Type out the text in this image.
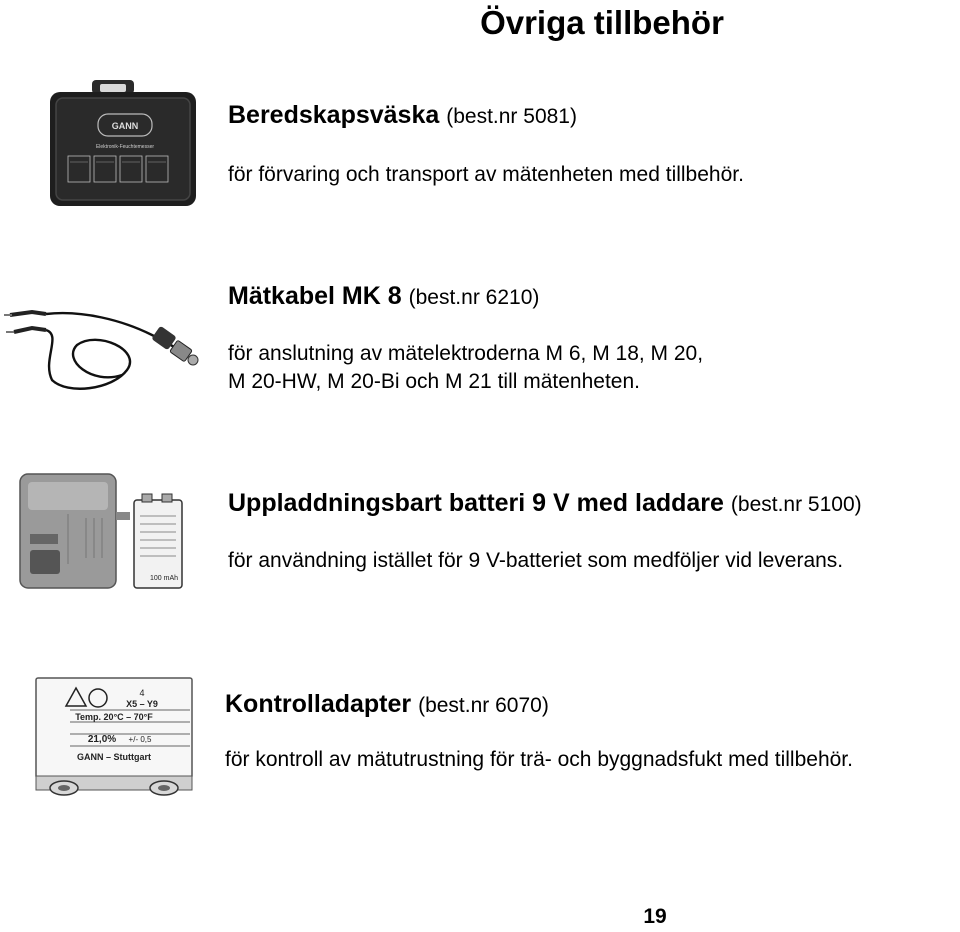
Övriga tillbehör
GANN
Elektronik-Feuchtemesser
Beredskapsväska (best.nr 5081)
för förvaring och transport av mätenheten med tillbehör.
Mätkabel MK 8 (best.nr 6210)
för anslutning av mätelektroderna M 6, M 18, M 20,
M 20-HW, M 20-Bi och M 21 till mätenheten.
100 mAh
Uppladdningsbart batteri 9 V med laddare (best.nr 5100)
för användning istället för 9 V-batteriet som medföljer vid leverans.
4
X5 – Y9
Temp. 20°C – 70°F
21,0% +/- 0,5
GANN – Stuttgart
Kontrolladapter (best.nr 6070)
för kontroll av mätutrustning för trä- och byggnadsfukt med tillbehör.
19
